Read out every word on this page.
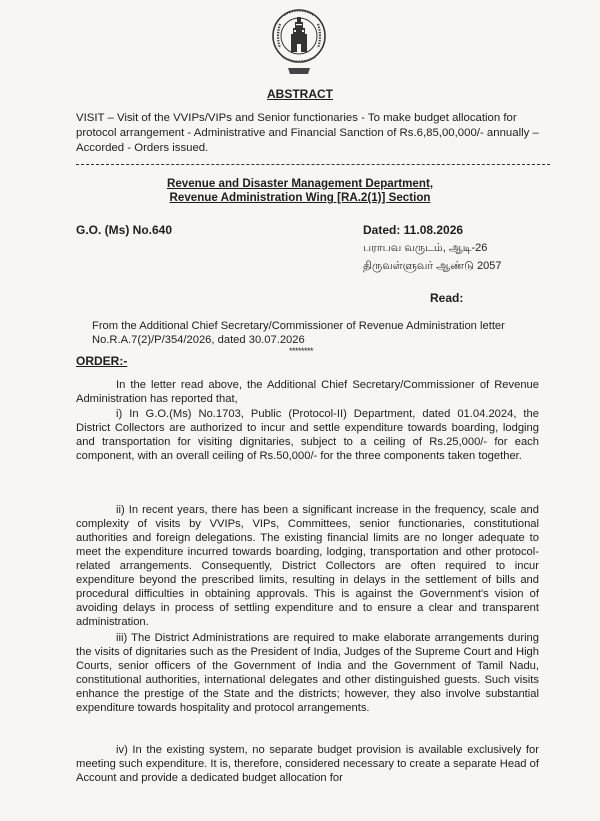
ABSTRACT
VISIT – Visit of the VVIPs/VIPs and Senior functionaries - To make budget allocation for protocol arrangement - Administrative and Financial Sanction of Rs.6,85,00,000/- annually – Accorded - Orders issued.
Revenue and Disaster Management Department,
Revenue Administration Wing [RA.2(1)] Section
G.O. (Ms) No.640	Dated: 11.08.2026
பராபவ வருடம், ஆடி-26
திருவள்ளுவர் ஆண்டு 2057
Read:
From the Additional Chief Secretary/Commissioner of Revenue Administration letter No.R.A.7(2)/P/354/2026, dated 30.07.2026
********
ORDER:-
In the letter read above, the Additional Chief Secretary/Commissioner of Revenue Administration has reported that,
i) In G.O.(Ms) No.1703, Public (Protocol-II) Department, dated 01.04.2024, the District Collectors are authorized to incur and settle expenditure towards boarding, lodging and transportation for visiting dignitaries, subject to a ceiling of Rs.25,000/- for each component, with an overall ceiling of Rs.50,000/- for the three components taken together.
ii) In recent years, there has been a significant increase in the frequency, scale and complexity of visits by VVIPs, VIPs, Committees, senior functionaries, constitutional authorities and foreign delegations. The existing financial limits are no longer adequate to meet the expenditure incurred towards boarding, lodging, transportation and other protocol-related arrangements. Consequently, District Collectors are often required to incur expenditure beyond the prescribed limits, resulting in delays in the settlement of bills and procedural difficulties in obtaining approvals. This is against the Government's vision of avoiding delays in process of settling expenditure and to ensure a clear and transparent administration.
iii) The District Administrations are required to make elaborate arrangements during the visits of dignitaries such as the President of India, Judges of the Supreme Court and High Courts, senior officers of the Government of India and the Government of Tamil Nadu, constitutional authorities, international delegates and other distinguished guests. Such visits enhance the prestige of the State and the districts; however, they also involve substantial expenditure towards hospitality and protocol arrangements.
iv) In the existing system, no separate budget provision is available exclusively for meeting such expenditure. It is, therefore, considered necessary to create a separate Head of Account and provide a dedicated budget allocation for
